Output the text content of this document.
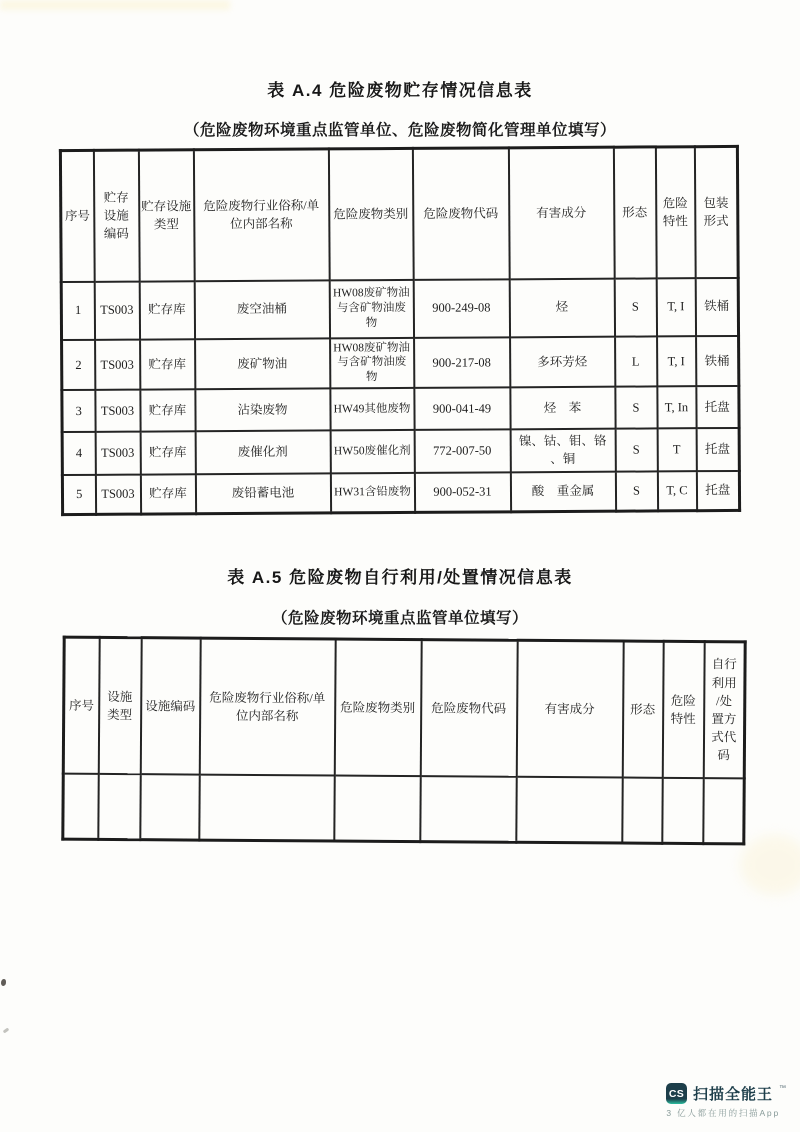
表 A.4 危险废物贮存情况信息表
（危险废物环境重点监管单位、危险废物简化管理单位填写）
序号	贮存
设施
编码	贮存设施
类型	危险废物行业俗称/单
位内部名称	危险废物类别	危险废物代码	有害成分	形态	危险
特性	包装
形式
1	TS003	贮存库	废空油桶	HW08废矿物油
与含矿物油废
物	900-249-08	烃	S	T, I	铁桶
2	TS003	贮存库	废矿物油	HW08废矿物油
与含矿物油废
物	900-217-08	多环芳烃	L	T, I	铁桶
3	TS003	贮存库	沾染废物	HW49其他废物	900-041-49	烃　苯	S	T, In	托盘
4	TS003	贮存库	废催化剂	HW50废催化剂	772-007-50	镍、钴、钼、铬
、铜	S	T	托盘
5	TS003	贮存库	废铅蓄电池	HW31含铅废物	900-052-31	酸　重金属	S	T, C	托盘
表 A.5 危险废物自行利用/处置情况信息表
（危险废物环境重点监管单位填写）
序号	设施
类型	设施编码	危险废物行业俗称/单
位内部名称	危险废物类别	危险废物代码	有害成分	形态	危险
特性	自行
利用
/处
置方
式代
码

CS 扫描全能王 ™
3 亿人都在用的扫描App
